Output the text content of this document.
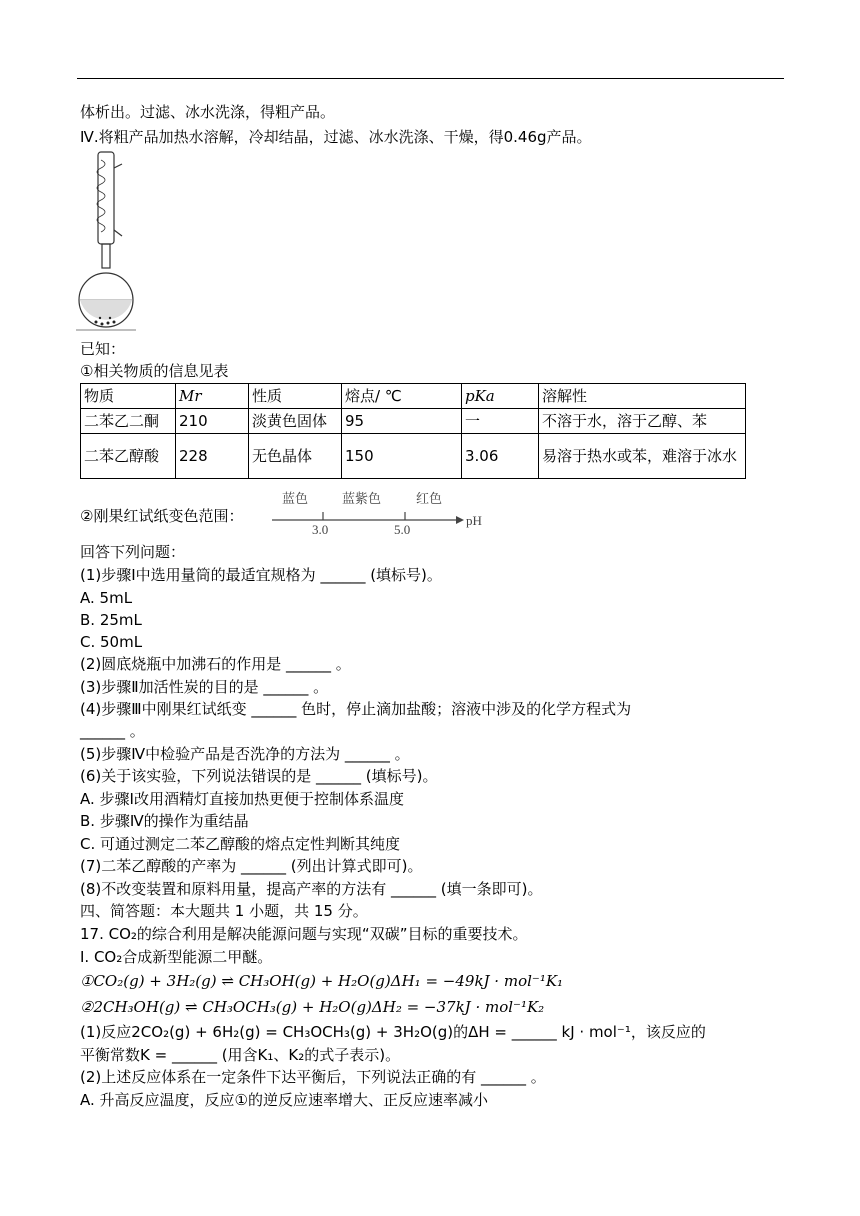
体析出。过滤、冰水洗涤，得粗产品。
Ⅳ.将粗产品加热水溶解，冷却结晶，过滤、冰水洗涤、干燥，得0.46g产品。
已知：
①相关物质的信息见表
物质	Mr	性质	熔点/ ℃	pKa	溶解性
二苯乙二酮	210	淡黄色固体	95	一	不溶于水，溶于乙醇、苯
二苯乙醇酸	228	无色晶体	150	3.06	易溶于热水或苯，难溶于冰水
②刚果红试纸变色范围：
蓝色	蓝紫色	红色
3.0	5.0
pH
回答下列问题：
(1)步骤Ⅰ中选用量筒的最适宜规格为 ______ (填标号)。
A. 5mL
B. 25mL
C. 50mL
(2)圆底烧瓶中加沸石的作用是 ______ 。
(3)步骤Ⅱ加活性炭的目的是 ______ 。
(4)步骤Ⅲ中刚果红试纸变 ______ 色时，停止滴加盐酸；溶液中涉及的化学方程式为
______ 。
(5)步骤Ⅳ中检验产品是否洗净的方法为 ______ 。
(6)关于该实验，下列说法错误的是 ______ (填标号)。
A. 步骤Ⅰ改用酒精灯直接加热更便于控制体系温度
B. 步骤Ⅳ的操作为重结晶
C. 可通过测定二苯乙醇酸的熔点定性判断其纯度
(7)二苯乙醇酸的产率为 ______ (列出计算式即可)。
(8)不改变装置和原料用量，提高产率的方法有 ______ (填一条即可)。
四、简答题：本大题共 1 小题，共 15 分。
17. CO₂的综合利用是解决能源问题与实现“双碳”目标的重要技术。
Ⅰ. CO₂合成新型能源二甲醚。
①CO₂(g) + 3H₂(g) ⇌ CH₃OH(g) + H₂O(g)ΔH₁ = −49kJ · mol⁻¹K₁
②2CH₃OH(g) ⇌ CH₃OCH₃(g) + H₂O(g)ΔH₂ = −37kJ · mol⁻¹K₂
(1)反应2CO₂(g) + 6H₂(g) = CH₃OCH₃(g) + 3H₂O(g)的ΔH = ______ kJ · mol⁻¹，该反应的
平衡常数K = ______ (用含K₁、K₂的式子表示)。
(2)上述反应体系在一定条件下达平衡后，下列说法正确的有 ______ 。
A. 升高反应温度，反应①的逆反应速率增大、正反应速率减小
